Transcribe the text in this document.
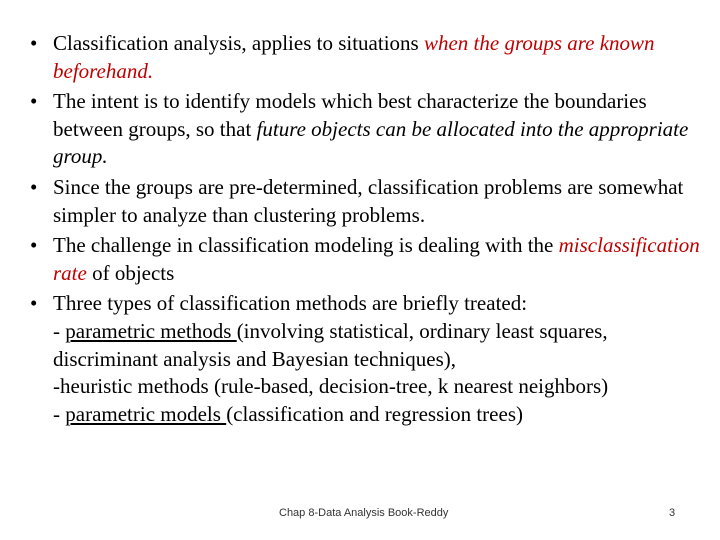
• Classification analysis, applies to situations when the groups are known beforehand.
• The intent is to identify models which best characterize the boundaries between groups, so that future objects can be allocated into the appropriate group.
• Since the groups are pre-determined, classification problems are somewhat simpler to analyze than clustering problems.
• The challenge in classification modeling is dealing with the misclassification rate of objects
• Three types of classification methods are briefly treated:
- parametric methods (involving statistical, ordinary least squares, discriminant analysis and Bayesian techniques),
-heuristic methods (rule-based, decision-tree, k nearest neighbors)
- parametric models (classification and regression trees)
Chap 8-Data Analysis Book-Reddy	3
